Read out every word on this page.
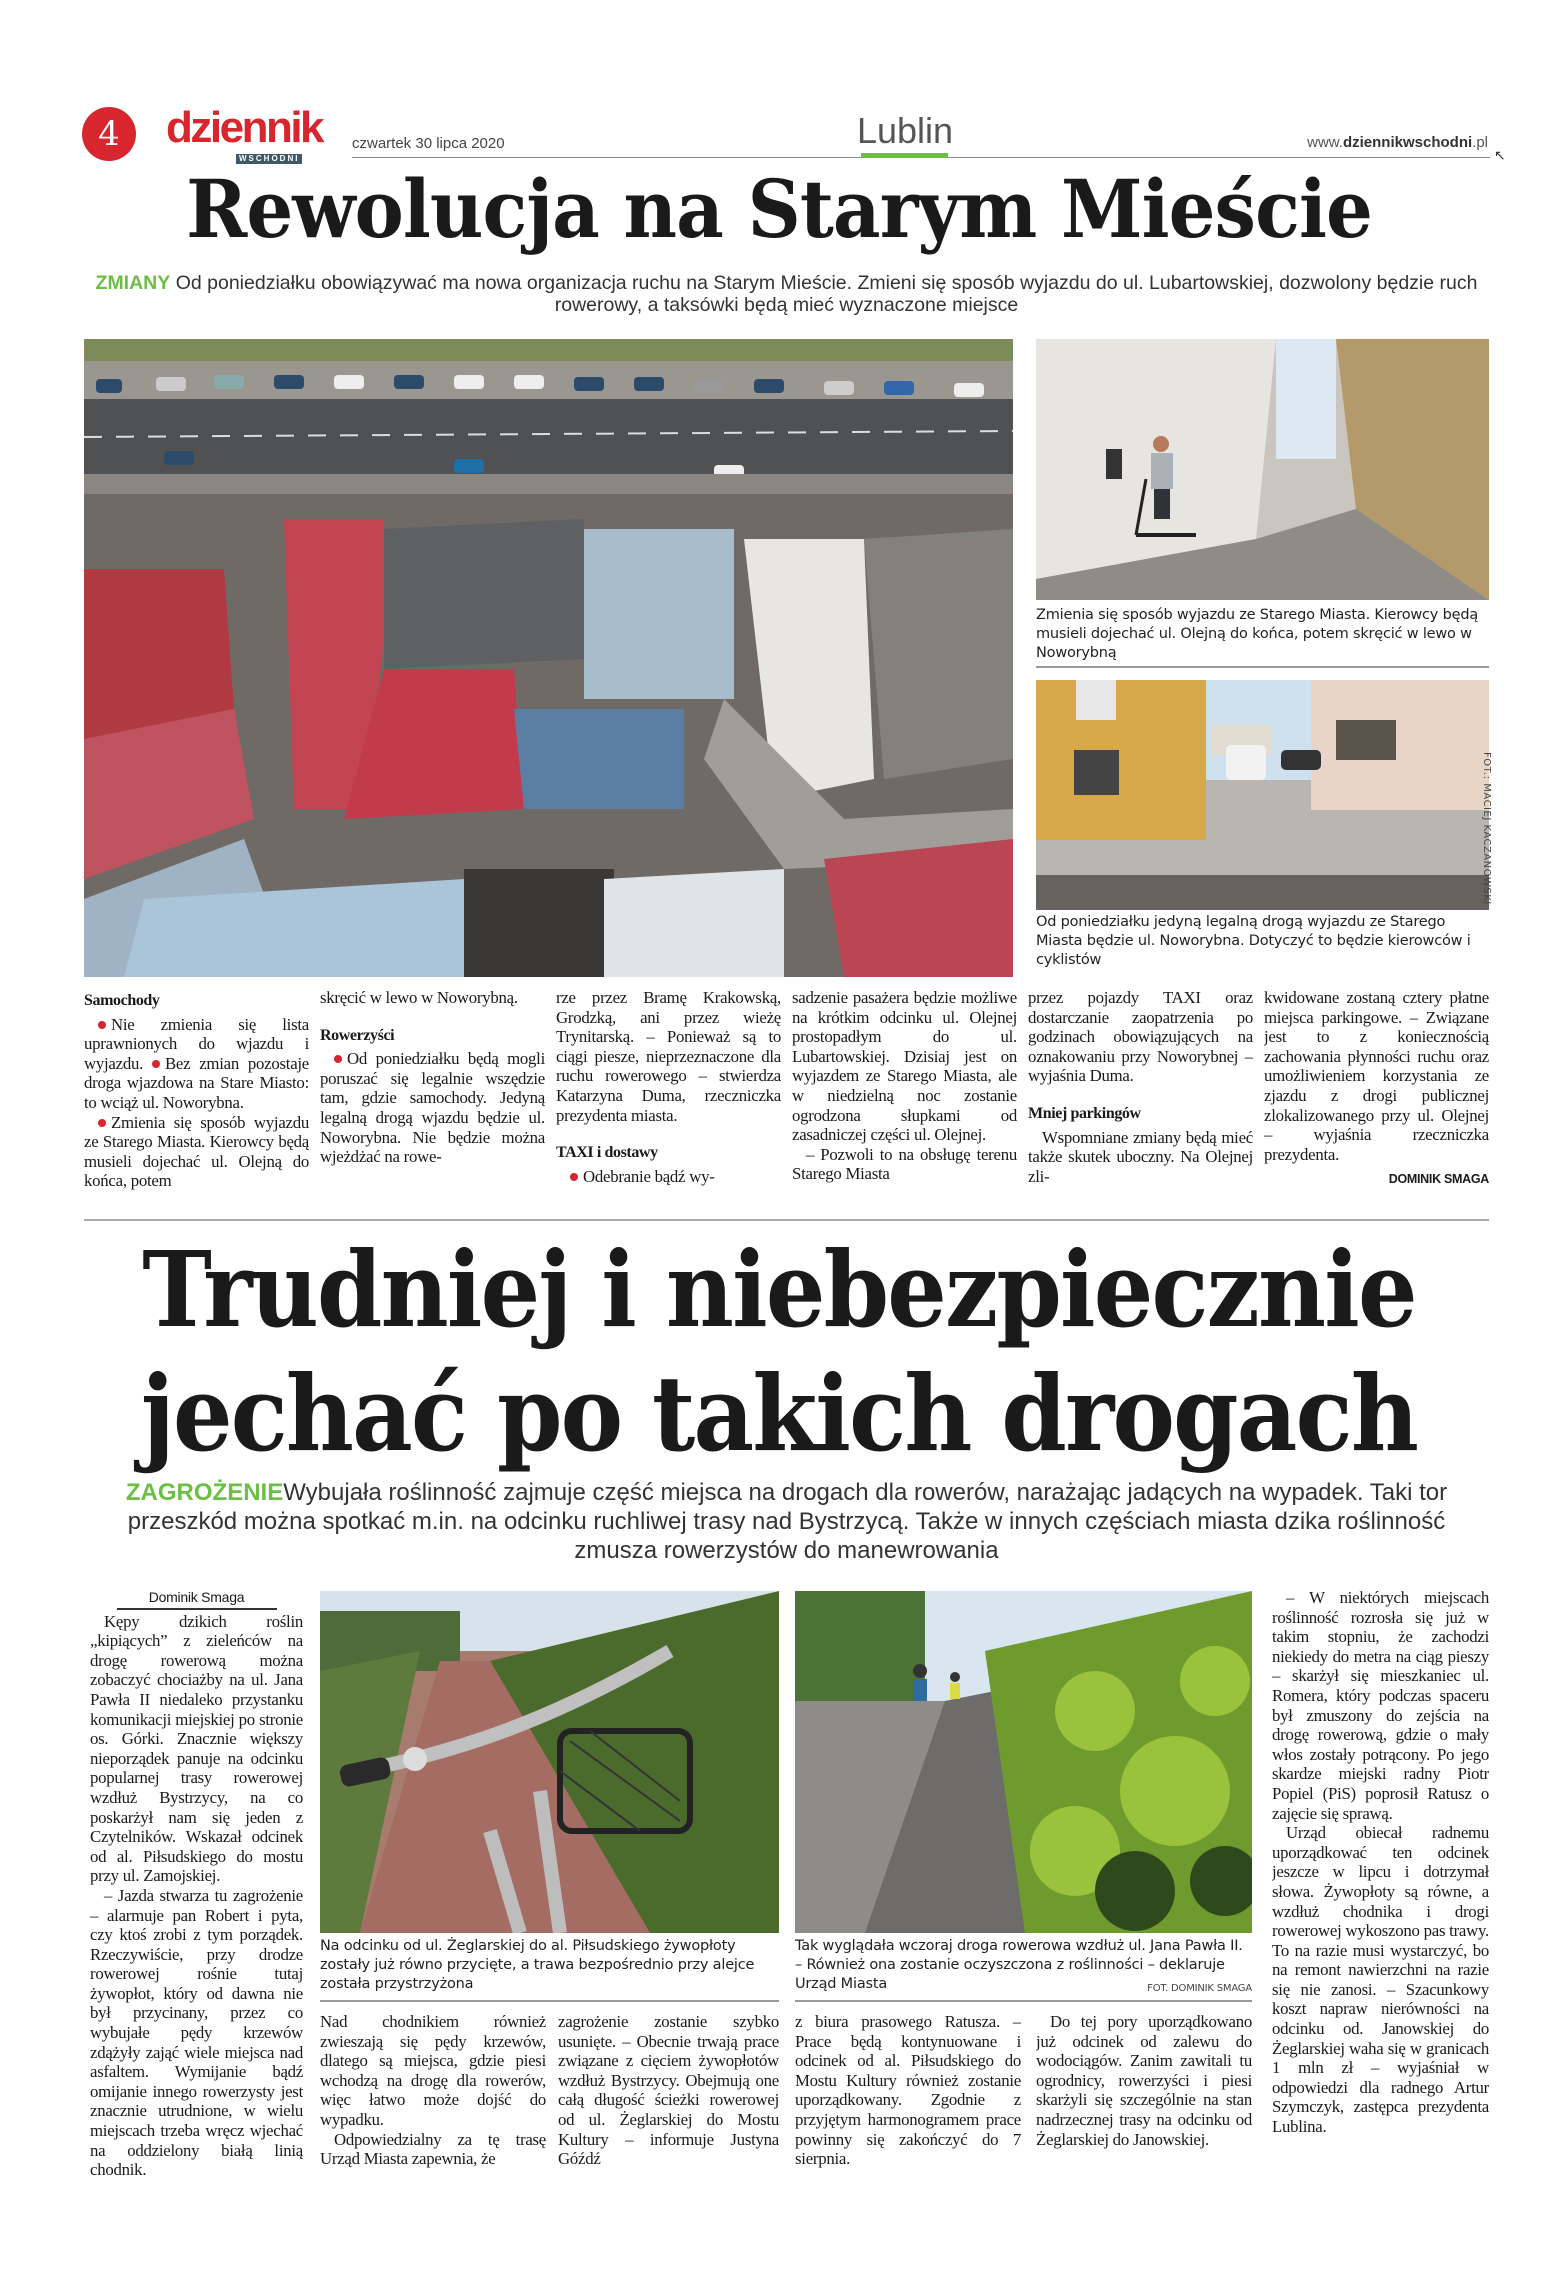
4	dziennik
WSCHODNI
czwartek 30 lipca 2020	Lublin	www.dziennikwschodni.pl
↖
Rewolucja na Starym Mieście
ZMIANY Od poniedziałku obowiązywać ma nowa organizacja ruchu na Starym Mieście. Zmieni się sposób wyjazdu do ul. Lubartowskiej, dozwolony będzie ruch rowerowy, a taksówki będą mieć wyznaczone miejsce
Zmienia się sposób wyjazdu ze Starego Miasta. Kierowcy będą musieli dojechać ul. Olejną do końca, potem skręcić w lewo w Noworybną
FOT.: MACIEJ KACZANOWSKI
Od poniedziałku jedyną legalną drogą wyjazdu ze Starego Miasta będzie ul. Noworybna. Dotyczyć to będzie kierowców i cyklistów
Samochody

Nie zmienia się lista uprawnionych do wjazdu i wyjazdu. Bez zmian pozostaje droga wjazdowa na Stare Miasto: to wciąż ul. Noworybna.

Zmienia się sposób wyjazdu ze Starego Miasta. Kierowcy będą musieli dojechać ul. Olejną do końca, potem

skręcić w lewo w Noworybną.

Rowerzyści

Od poniedziałku będą mogli poruszać się legalnie wszędzie tam, gdzie samochody. Jedyną legalną drogą wjazdu będzie ul. Noworybna. Nie będzie można wjeżdżać na rowe-

rze przez Bramę Krakowską, Grodzką, ani przez wieżę Trynitarską. – Ponieważ są to ciągi piesze, nieprzeznaczone dla ruchu rowerowego – stwierdza Katarzyna Duma, rzeczniczka prezydenta miasta.

TAXI i dostawy

Odebranie bądź wy-

sadzenie pasażera będzie możliwe na krótkim odcinku ul. Olejnej prostopadłym do ul. Lubartowskiej. Dzisiaj jest on wyjazdem ze Starego Miasta, ale w niedzielną noc zostanie ogrodzona słupkami od zasadniczej części ul. Olejnej.

– Pozwoli to na obsługę terenu Starego Miasta

przez pojazdy TAXI oraz dostarczanie zaopatrzenia po godzinach obowiązujących na oznakowaniu przy Noworybnej – wyjaśnia Duma.

Mniej parkingów

Wspomniane zmiany będą mieć także skutek uboczny. Na Olejnej zli-

kwidowane zostaną cztery płatne miejsca parkingowe. – Związane jest to z koniecznością zachowania płynności ruchu oraz umożliwieniem korzystania ze zjazdu z drogi publicznej zlokalizowanego przy ul. Olejnej – wyjaśnia rzeczniczka prezydenta.

DOMINIK SMAGA
Trudniej i niebezpiecznie
jechać po takich drogach
ZAGROŻENIEWybujała roślinność zajmuje część miejsca na drogach dla rowerów, narażając jadących na wypadek. Taki tor przeszkód można spotkać m.in. na odcinku ruchliwej trasy nad Bystrzycą. Także w innych częściach miasta dzika roślinność zmusza rowerzystów do manewrowania
Dominik Smaga

Kępy dzikich roślin „kipiących” z zieleńców na drogę rowerową można zobaczyć chociażby na ul. Jana Pawła II niedaleko przystanku komunikacji miejskiej po stronie os. Górki. Znacznie większy nieporządek panuje na odcinku popularnej trasy rowerowej wzdłuż Bystrzycy, na co poskarżył nam się jeden z Czytelników. Wskazał odcinek od al. Piłsudskiego do mostu przy ul. Zamojskiej.

– Jazda stwarza tu zagrożenie – alarmuje pan Robert i pyta, czy ktoś zrobi z tym porządek. Rzeczywiście, przy drodze rowerowej rośnie tutaj żywopłot, który od dawna nie był przycinany, przez co wybujałe pędy krzewów zdążyły zająć wiele miejsca nad asfaltem. Wymijanie bądź omijanie innego rowerzysty jest znacznie utrudnione, w wielu miejscach trzeba wręcz wjechać na oddzielony białą linią chodnik.

Na odcinku od ul. Żeglarskiej do al. Piłsudskiego żywopłoty zostały już równo przycięte, a trawa bezpośrednio przy alejce została przystrzyżona
Tak wyglądała wczoraj droga rowerowa wzdłuż ul. Jana Pawła II. – Również ona zostanie oczyszczona z roślinności – deklaruje Urząd Miasta	FOT. DOMINIK SMAGA

Nad chodnikiem również zwieszają się pędy krzewów, dlatego są miejsca, gdzie piesi wchodzą na drogę dla rowerów, więc łatwo może dojść do wypadku.

Odpowiedzialny za tę trasę Urząd Miasta zapewnia, że

zagrożenie zostanie szybko usunięte. – Obecnie trwają prace związane z cięciem żywopłotów wzdłuż Bystrzycy. Obejmują one całą długość ścieżki rowerowej od ul. Żeglarskiej do Mostu Kultury – informuje Justyna Góźdź

z biura prasowego Ratusza. – Prace będą kontynuowane i odcinek od al. Piłsudskiego do Mostu Kultury również zostanie uporządkowany. Zgodnie z przyjętym harmonogramem prace powinny się zakończyć do 7 sierpnia.

Do tej pory uporządkowano już odcinek od zalewu do wodociągów. Zanim zawitali tu ogrodnicy, rowerzyści i piesi skarżyli się szczególnie na stan nadrzecznej trasy na odcinku od Żeglarskiej do Janowskiej.

– W niektórych miejscach roślinność rozrosła się już w takim stopniu, że zachodzi niekiedy do metra na ciąg pieszy – skarżył się mieszkaniec ul. Romera, który podczas spaceru był zmuszony do zejścia na drogę rowerową, gdzie o mały włos zostały potrącony. Po jego skardze miejski radny Piotr Popiel (PiS) poprosił Ratusz o zajęcie się sprawą.

Urząd obiecał radnemu uporządkować ten odcinek jeszcze w lipcu i dotrzymał słowa. Żywopłoty są równe, a wzdłuż chodnika i drogi rowerowej wykoszono pas trawy. To na razie musi wystarczyć, bo na remont nawierzchni na razie się nie zanosi. – Szacunkowy koszt napraw nierówności na odcinku od. Janowskiej do Żeglarskiej waha się w granicach 1 mln zł – wyjaśniał w odpowiedzi dla radnego Artur Szymczyk, zastępca prezydenta Lublina.
